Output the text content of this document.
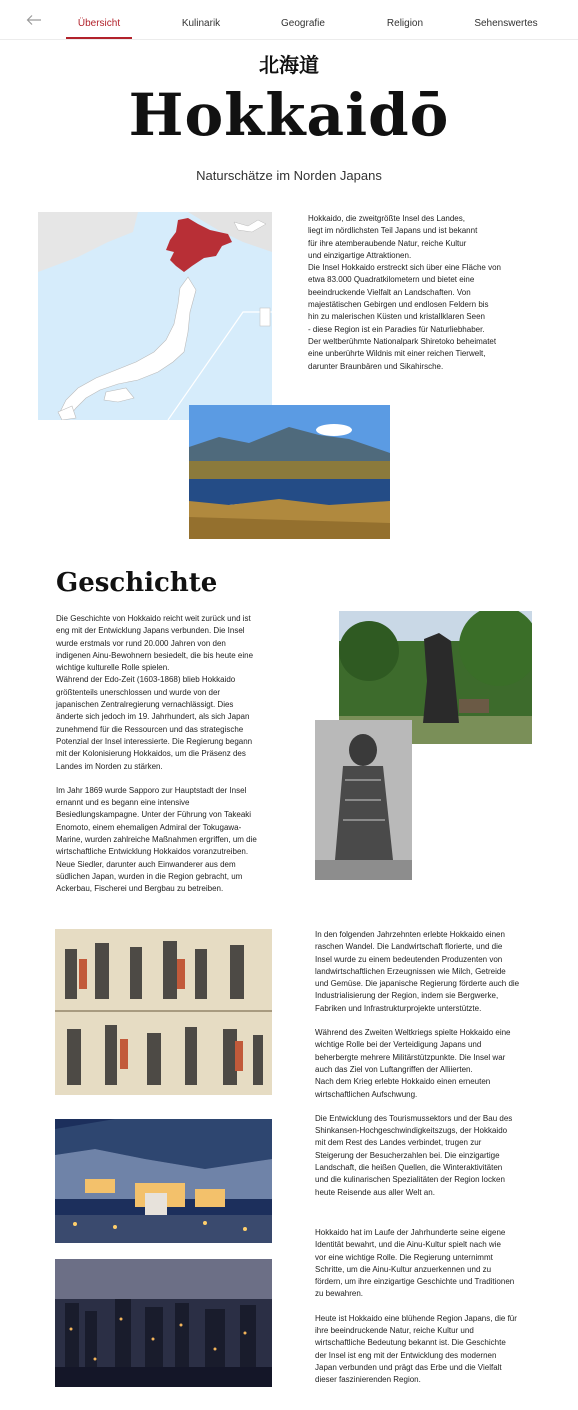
Übersicht	Kulinarik	Geografie	Religion	Sehenswertes
北海道
Hokkaidō
Naturschätze im Norden Japans

Hokkaido, die zweitgrößte Insel des Landes,
liegt im nördlichsten Teil Japans und ist bekannt
für ihre atemberaubende Natur, reiche Kultur
und einzigartige Attraktionen.
Die Insel Hokkaido erstreckt sich über eine Fläche von
etwa 83.000 Quadratkilometern und bietet eine
beeindruckende Vielfalt an Landschaften. Von
majestätischen Gebirgen und endlosen Feldern bis
hin zu malerischen Küsten und kristallklaren Seen
- diese Region ist ein Paradies für Naturliebhaber.
Der weltberühmte Nationalpark Shiretoko beheimatet
eine unberührte Wildnis mit einer reichen Tierwelt,
darunter Braunbären und Sikahirsche.

Geschichte

Die Geschichte von Hokkaido reicht weit zurück und ist
eng mit der Entwicklung Japans verbunden. Die Insel
wurde erstmals vor rund 20.000 Jahren von den
indigenen Ainu-Bewohnern besiedelt, die bis heute eine
wichtige kulturelle Rolle spielen.
Während der Edo-Zeit (1603-1868) blieb Hokkaido
größtenteils unerschlossen und wurde von der
japanischen Zentralregierung vernachlässigt. Dies
änderte sich jedoch im 19. Jahrhundert, als sich Japan
zunehmend für die Ressourcen und das strategische
Potenzial der Insel interessierte. Die Regierung begann
mit der Kolonisierung Hokkaidos, um die Präsenz des
Landes im Norden zu stärken.

Im Jahr 1869 wurde Sapporo zur Hauptstadt der Insel
ernannt und es begann eine intensive
Besiedlungskampagne. Unter der Führung von Takeaki
Enomoto, einem ehemaligen Admiral der Tokugawa-
Marine, wurden zahlreiche Maßnahmen ergriffen, um die
wirtschaftliche Entwicklung Hokkaidos voranzutreiben.
Neue Siedler, darunter auch Einwanderer aus dem
südlichen Japan, wurden in die Region gebracht, um
Ackerbau, Fischerei und Bergbau zu betreiben.

In den folgenden Jahrzehnten erlebte Hokkaido einen
raschen Wandel. Die Landwirtschaft florierte, und die
Insel wurde zu einem bedeutenden Produzenten von
landwirtschaftlichen Erzeugnissen wie Milch, Getreide
und Gemüse. Die japanische Regierung förderte auch die
Industrialisierung der Region, indem sie Bergwerke,
Fabriken und Infrastrukturprojekte unterstützte.

Während des Zweiten Weltkriegs spielte Hokkaido eine
wichtige Rolle bei der Verteidigung Japans und
beherbergte mehrere Militärstützpunkte. Die Insel war
auch das Ziel von Luftangriffen der Alliierten.
Nach dem Krieg erlebte Hokkaido einen erneuten
wirtschaftlichen Aufschwung.

Die Entwicklung des Tourismussektors und der Bau des
Shinkansen-Hochgeschwindigkeitszugs, der Hokkaido
mit dem Rest des Landes verbindet, trugen zur
Steigerung der Besucherzahlen bei. Die einzigartige
Landschaft, die heißen Quellen, die Winteraktivitäten
und die kulinarischen Spezialitäten der Region locken
heute Reisende aus aller Welt an.

Hokkaido hat im Laufe der Jahrhunderte seine eigene
Identität bewahrt, und die Ainu-Kultur spielt nach wie
vor eine wichtige Rolle. Die Regierung unternimmt
Schritte, um die Ainu-Kultur anzuerkennen und zu
fördern, um ihre einzigartige Geschichte und Traditionen
zu bewahren.

Heute ist Hokkaido eine blühende Region Japans, die für
ihre beeindruckende Natur, reiche Kultur und
wirtschaftliche Bedeutung bekannt ist. Die Geschichte
der Insel ist eng mit der Entwicklung des modernen
Japan verbunden und prägt das Erbe und die Vielfalt
dieser faszinierenden Region.
